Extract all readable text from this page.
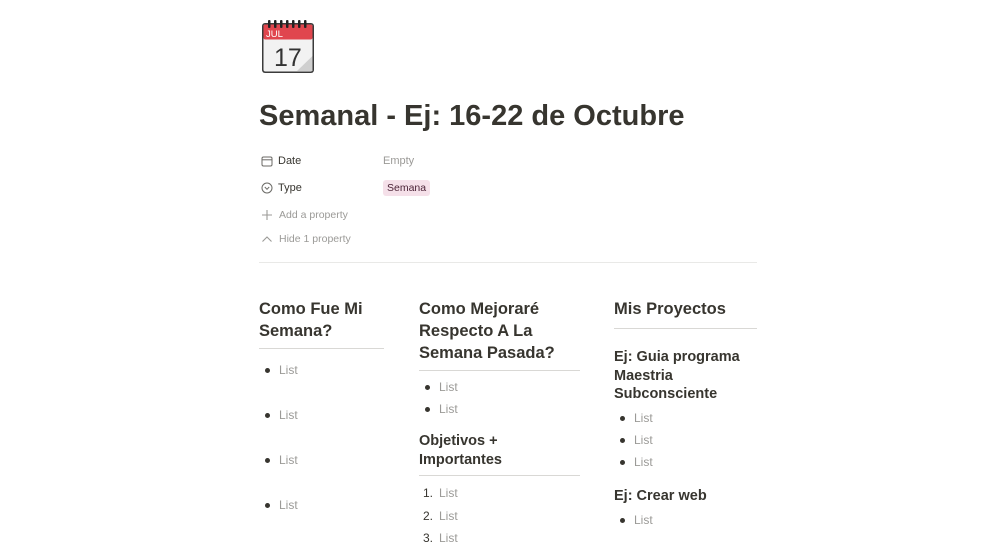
JUL
17
Semanal - Ej: 16-22 de Octubre
Date	Empty
Type	Semana
Add a property
Hide 1 property
Como Fue Mi Semana?
List
List
List
List
Como Mejoraré Respecto A La Semana Pasada?
List
List
Objetivos + Importantes
1. List
2. List
3. List
Mis Proyectos
Ej: Guia programa Maestria Subconsciente
List
List
List
Ej: Crear web
List
